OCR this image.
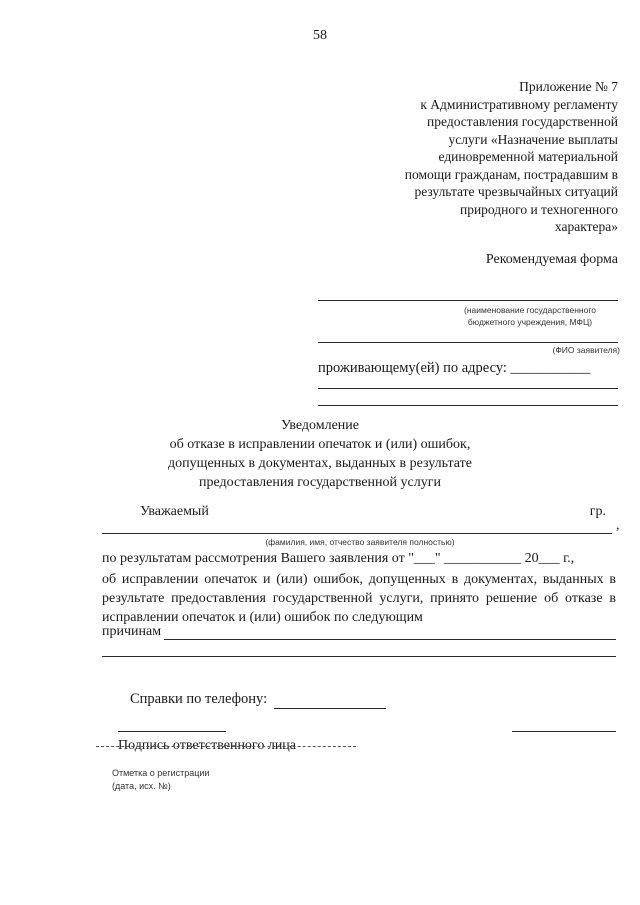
58
Приложение № 7
к Административному регламенту
предоставления государственной
услуги «Назначение выплаты
единовременной материальной
помощи гражданам, пострадавшим в
результате чрезвычайных ситуаций
природного и техногенного
характера»
Рекомендуемая форма
(наименование государственного
бюджетного учреждения, МФЦ)
(ФИО заявителя)
проживающему(ей) по адресу: ___________
Уведомление
об отказе в исправлении опечаток и (или) ошибок,
допущенных в документах, выданных в результате
предоставления государственной услуги
Уважаемый	гр.
,
(фамилия, имя, отчество заявителя полностью)
по результатам рассмотрения Вашего заявления от "___" ___________ 20___ г.,
об исправлении опечаток и (или) ошибок, допущенных в документах, выданных в результате предоставления государственной услуги, принято решение об отказе в исправлении опечаток и (или) ошибок по следующим
причинам
Справки по телефону:
Подпись ответственного лица
Отметка о регистрации
(дата, исх. №)
